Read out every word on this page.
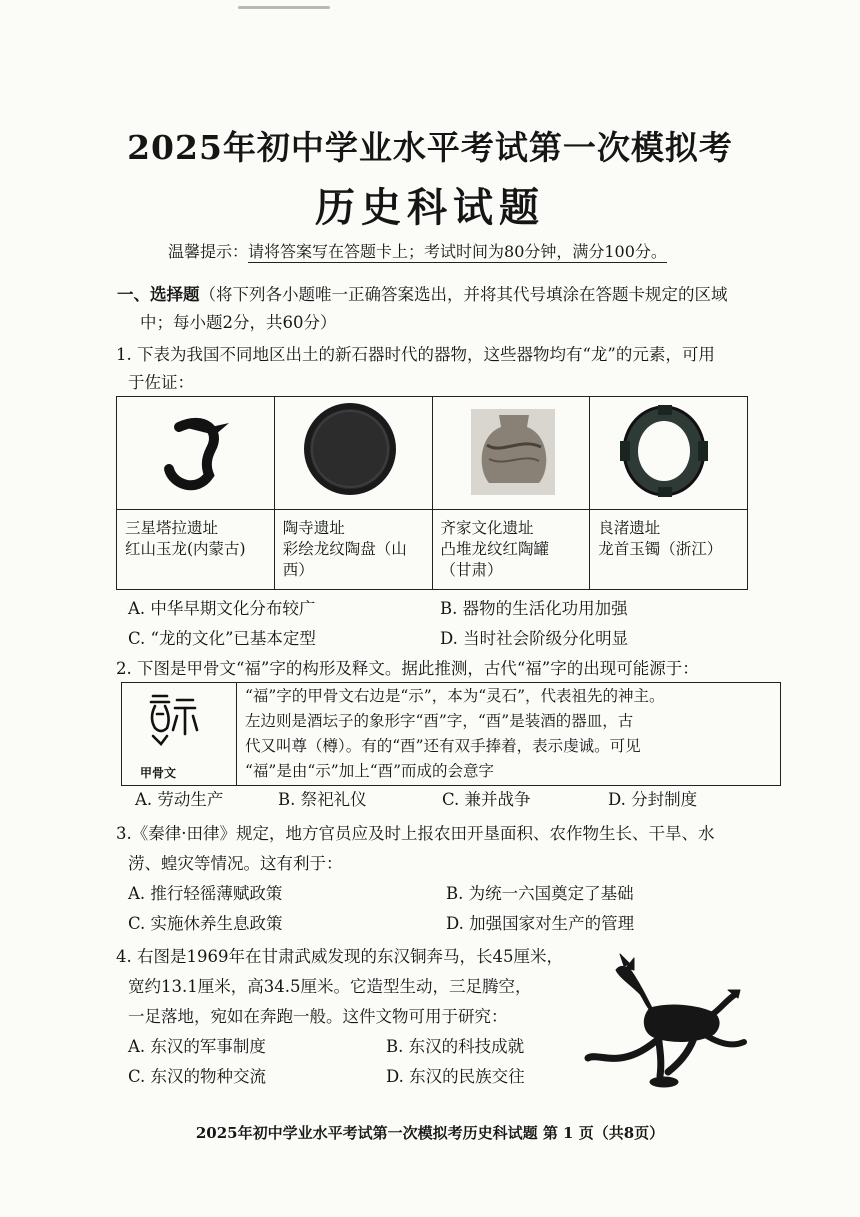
2025年初中学业水平考试第一次模拟考
历史科试题
温馨提示：请将答案写在答题卡上；考试时间为80分钟，满分100分。
一、选择题（将下列各小题唯一正确答案选出，并将其代号填涂在答题卡规定的区域
中；每小题2分，共60分）
1. 下表为我国不同地区出土的新石器时代的器物，这些器物均有“龙”的元素，可用
于佐证：

三星塔拉遗址
红山玉龙(内蒙古)	陶寺遗址
彩绘龙纹陶盘（山
西）	齐家文化遗址
凸堆龙纹红陶罐
（甘肃）	良渚遗址
龙首玉镯（浙江）
A. 中华早期文化分布较广	B. 器物的生活化功用加强
C. “龙的文化”已基本定型	D. 当时社会阶级分化明显
2. 下图是甲骨文“福”字的构形及释文。据此推测，古代“福”字的出现可能源于：
甲骨文

“福”字的甲骨文右边是“示”，本为“灵石”，代表祖先的神主。
左边则是酒坛子的象形字“酉”字，“酉”是装酒的器皿，古
代又叫尊（樽）。有的“酉”还有双手捧着，表示虔诚。可见
“福”是由“示”加上“酉”而成的会意字
A. 劳动生产	B. 祭祀礼仪	C. 兼并战争	D. 分封制度
3.《秦律·田律》规定，地方官员应及时上报农田开垦面积、农作物生长、干旱、水
涝、蝗灾等情况。这有利于：
A. 推行轻徭薄赋政策	B. 为统一六国奠定了基础
C. 实施休养生息政策	D. 加强国家对生产的管理
4. 右图是1969年在甘肃武威发现的东汉铜奔马，长45厘米，
宽约13.1厘米，高34.5厘米。它造型生动，三足腾空，
一足落地，宛如在奔跑一般。这件文物可用于研究：
A. 东汉的军事制度	B. 东汉的科技成就
C. 东汉的物种交流	D. 东汉的民族交往
2025年初中学业水平考试第一次模拟考历史科试题 第 1 页（共8页）
